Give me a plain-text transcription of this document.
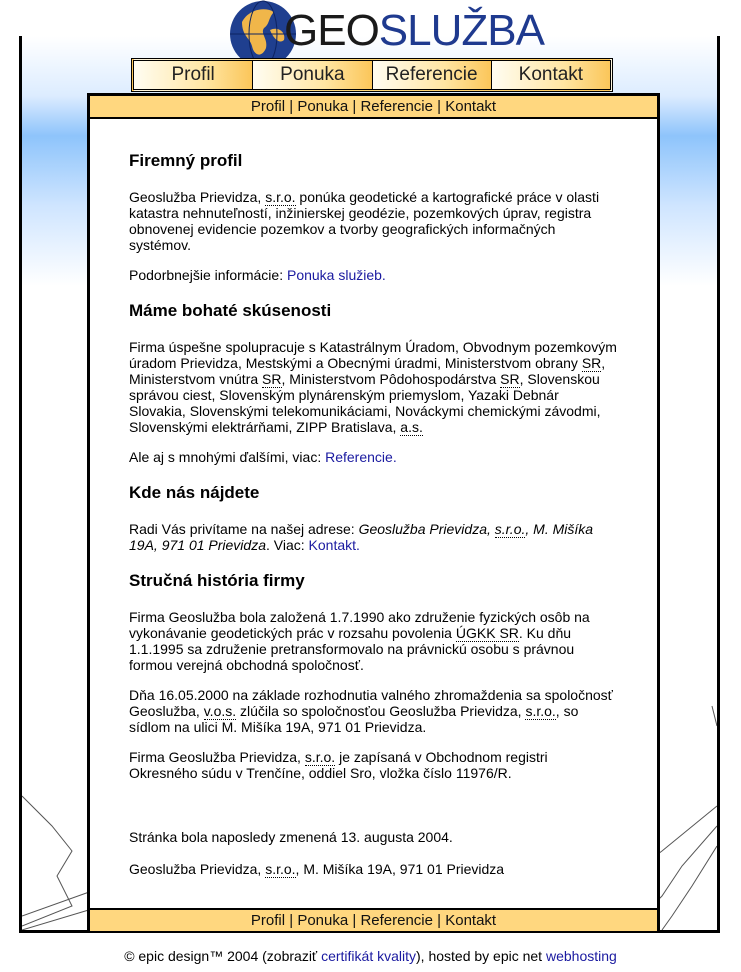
GEOSLUŽBA
Profil	Ponuka	Referencie	Kontakt
Profil | Ponuka | Referencie | Kontakt
Firemný profil

Geoslužba Prievidza, s.r.o. ponúka geodetické a kartografické práce v olasti katastra nehnuteľností, inžinierskej geodézie, pozemkových úprav, registra obnovenej evidencie pozemkov a tvorby geografických informačných systémov.

Podorbnejšie informácie: Ponuka služieb.

Máme bohaté skúsenosti

Firma úspešne spolupracuje s Katastrálnym Úradom, Obvodnym pozemkovým úradom Prievidza, Mestskými a Obecnými úradmi, Ministerstvom obrany SR, Ministerstvom vnútra SR, Ministerstvom Pôdohospodárstva SR, Slovenskou správou ciest, Slovenským plynárenským priemyslom, Yazaki Debnár Slovakia, Slovenskými telekomunikáciami, Nováckymi chemickými závodmi, Slovenskými elektrárňami, ZIPP Bratislava, a.s.

Ale aj s mnohými ďalšími, viac: Referencie.

Kde nás nájdete

Radi Vás privítame na našej adrese: Geoslužba Prievidza, s.r.o., M. Mišíka 19A, 971 01 Prievidza. Viac: Kontakt.

Stručná história firmy

Firma Geoslužba bola založená 1.7.1990 ako združenie fyzických osôb na vykonávanie geodetických prác v rozsahu povolenia ÚGKK SR. Ku dňu 1.1.1995 sa združenie pretransformovalo na právnickú osobu s právnou formou verejná obchodná spoločnosť.

Dňa 16.05.2000 na základe rozhodnutia valného zhromaždenia sa spoločnosť Geoslužba, v.o.s. zlúčila so spoločnosťou Geoslužba Prievidza, s.r.o., so sídlom na ulici M. Mišíka 19A, 971 01 Prievidza.

Firma Geoslužba Prievidza, s.r.o. je zapísaná v Obchodnom registri Okresného súdu v Trenčíne, oddiel Sro, vložka číslo 11976/R.

Stránka bola naposledy zmenená 13. augusta 2004.

Geoslužba Prievidza, s.r.o., M. Mišíka 19A, 971 01 Prievidza

Profil | Ponuka | Referencie | Kontakt
© epic design™ 2004 (zobraziť certifikát kvality), hosted by epic net webhosting
